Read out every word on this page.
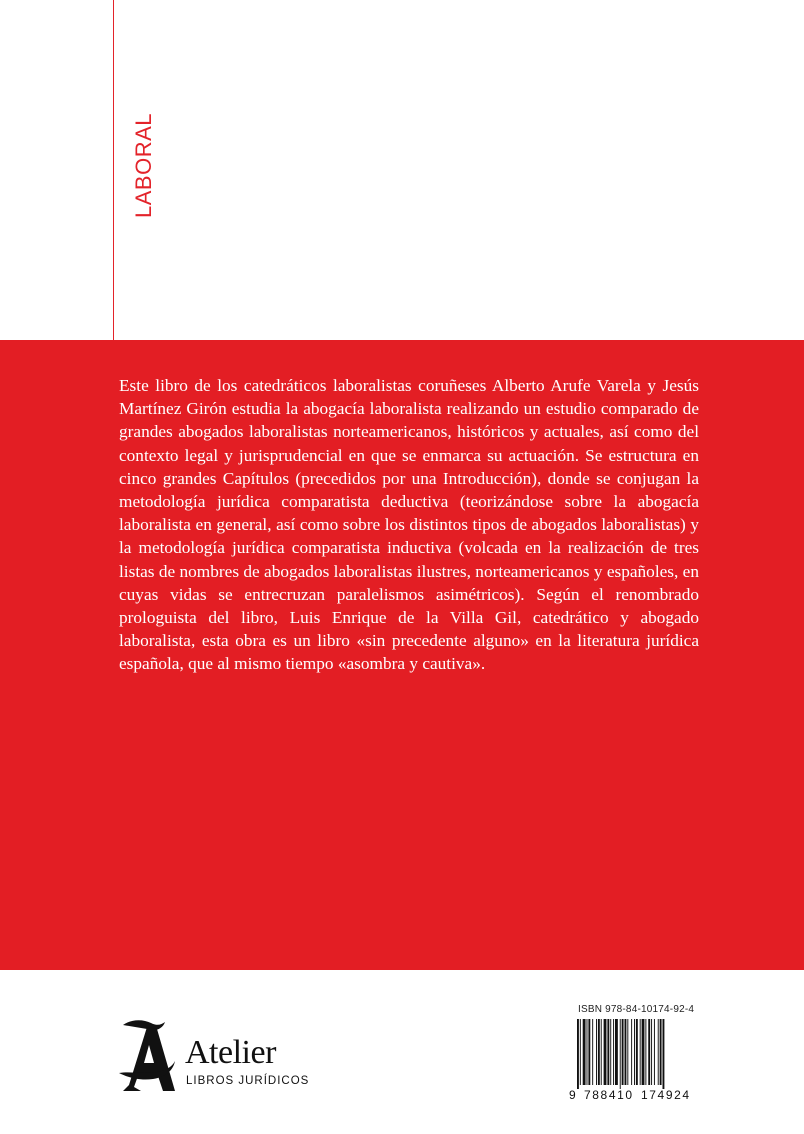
LABORAL

Este libro de los catedráticos laboralistas coruñeses Alberto Arufe Varela y Jesús Martínez Girón estudia la abogacía laboralista realizando un estudio comparado de grandes abogados laboralistas norteamericanos, históricos y actuales, así como del contexto legal y jurisprudencial en que se enmarca su actuación. Se estructura en cinco grandes Capítulos (precedidos por una Introducción), donde se conjugan la metodología jurídica comparatista deductiva (teorizándose sobre la abogacía laboralista en general, así como sobre los distintos tipos de abogados laboralistas) y la metodología jurídica comparatista inductiva (volcada en la realización de tres listas de nombres de abogados laboralistas ilustres, norteamericanos y españoles, en cuyas vidas se entrecruzan paralelismos asimétricos). Según el renombrado prologuista del libro, Luis Enrique de la Villa Gil, catedrático y abogado laboralista, esta obra es un libro «sin precedente alguno» en la literatura jurídica española, que al mismo tiempo «asombra y cautiva».

Atelier
LIBROS JURÍDICOS
ISBN 978-84-10174-92-4
9 788410 174924
